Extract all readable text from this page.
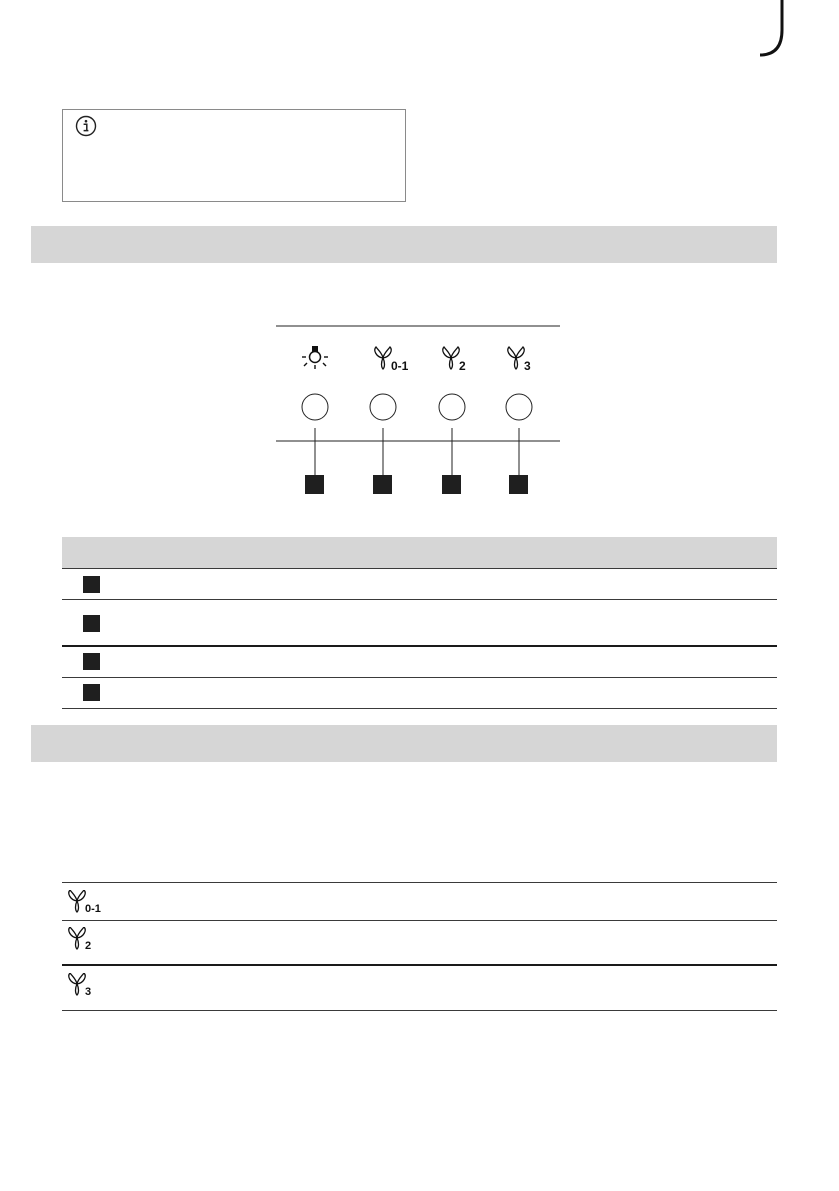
0-1	2	3
0-1
2
3
